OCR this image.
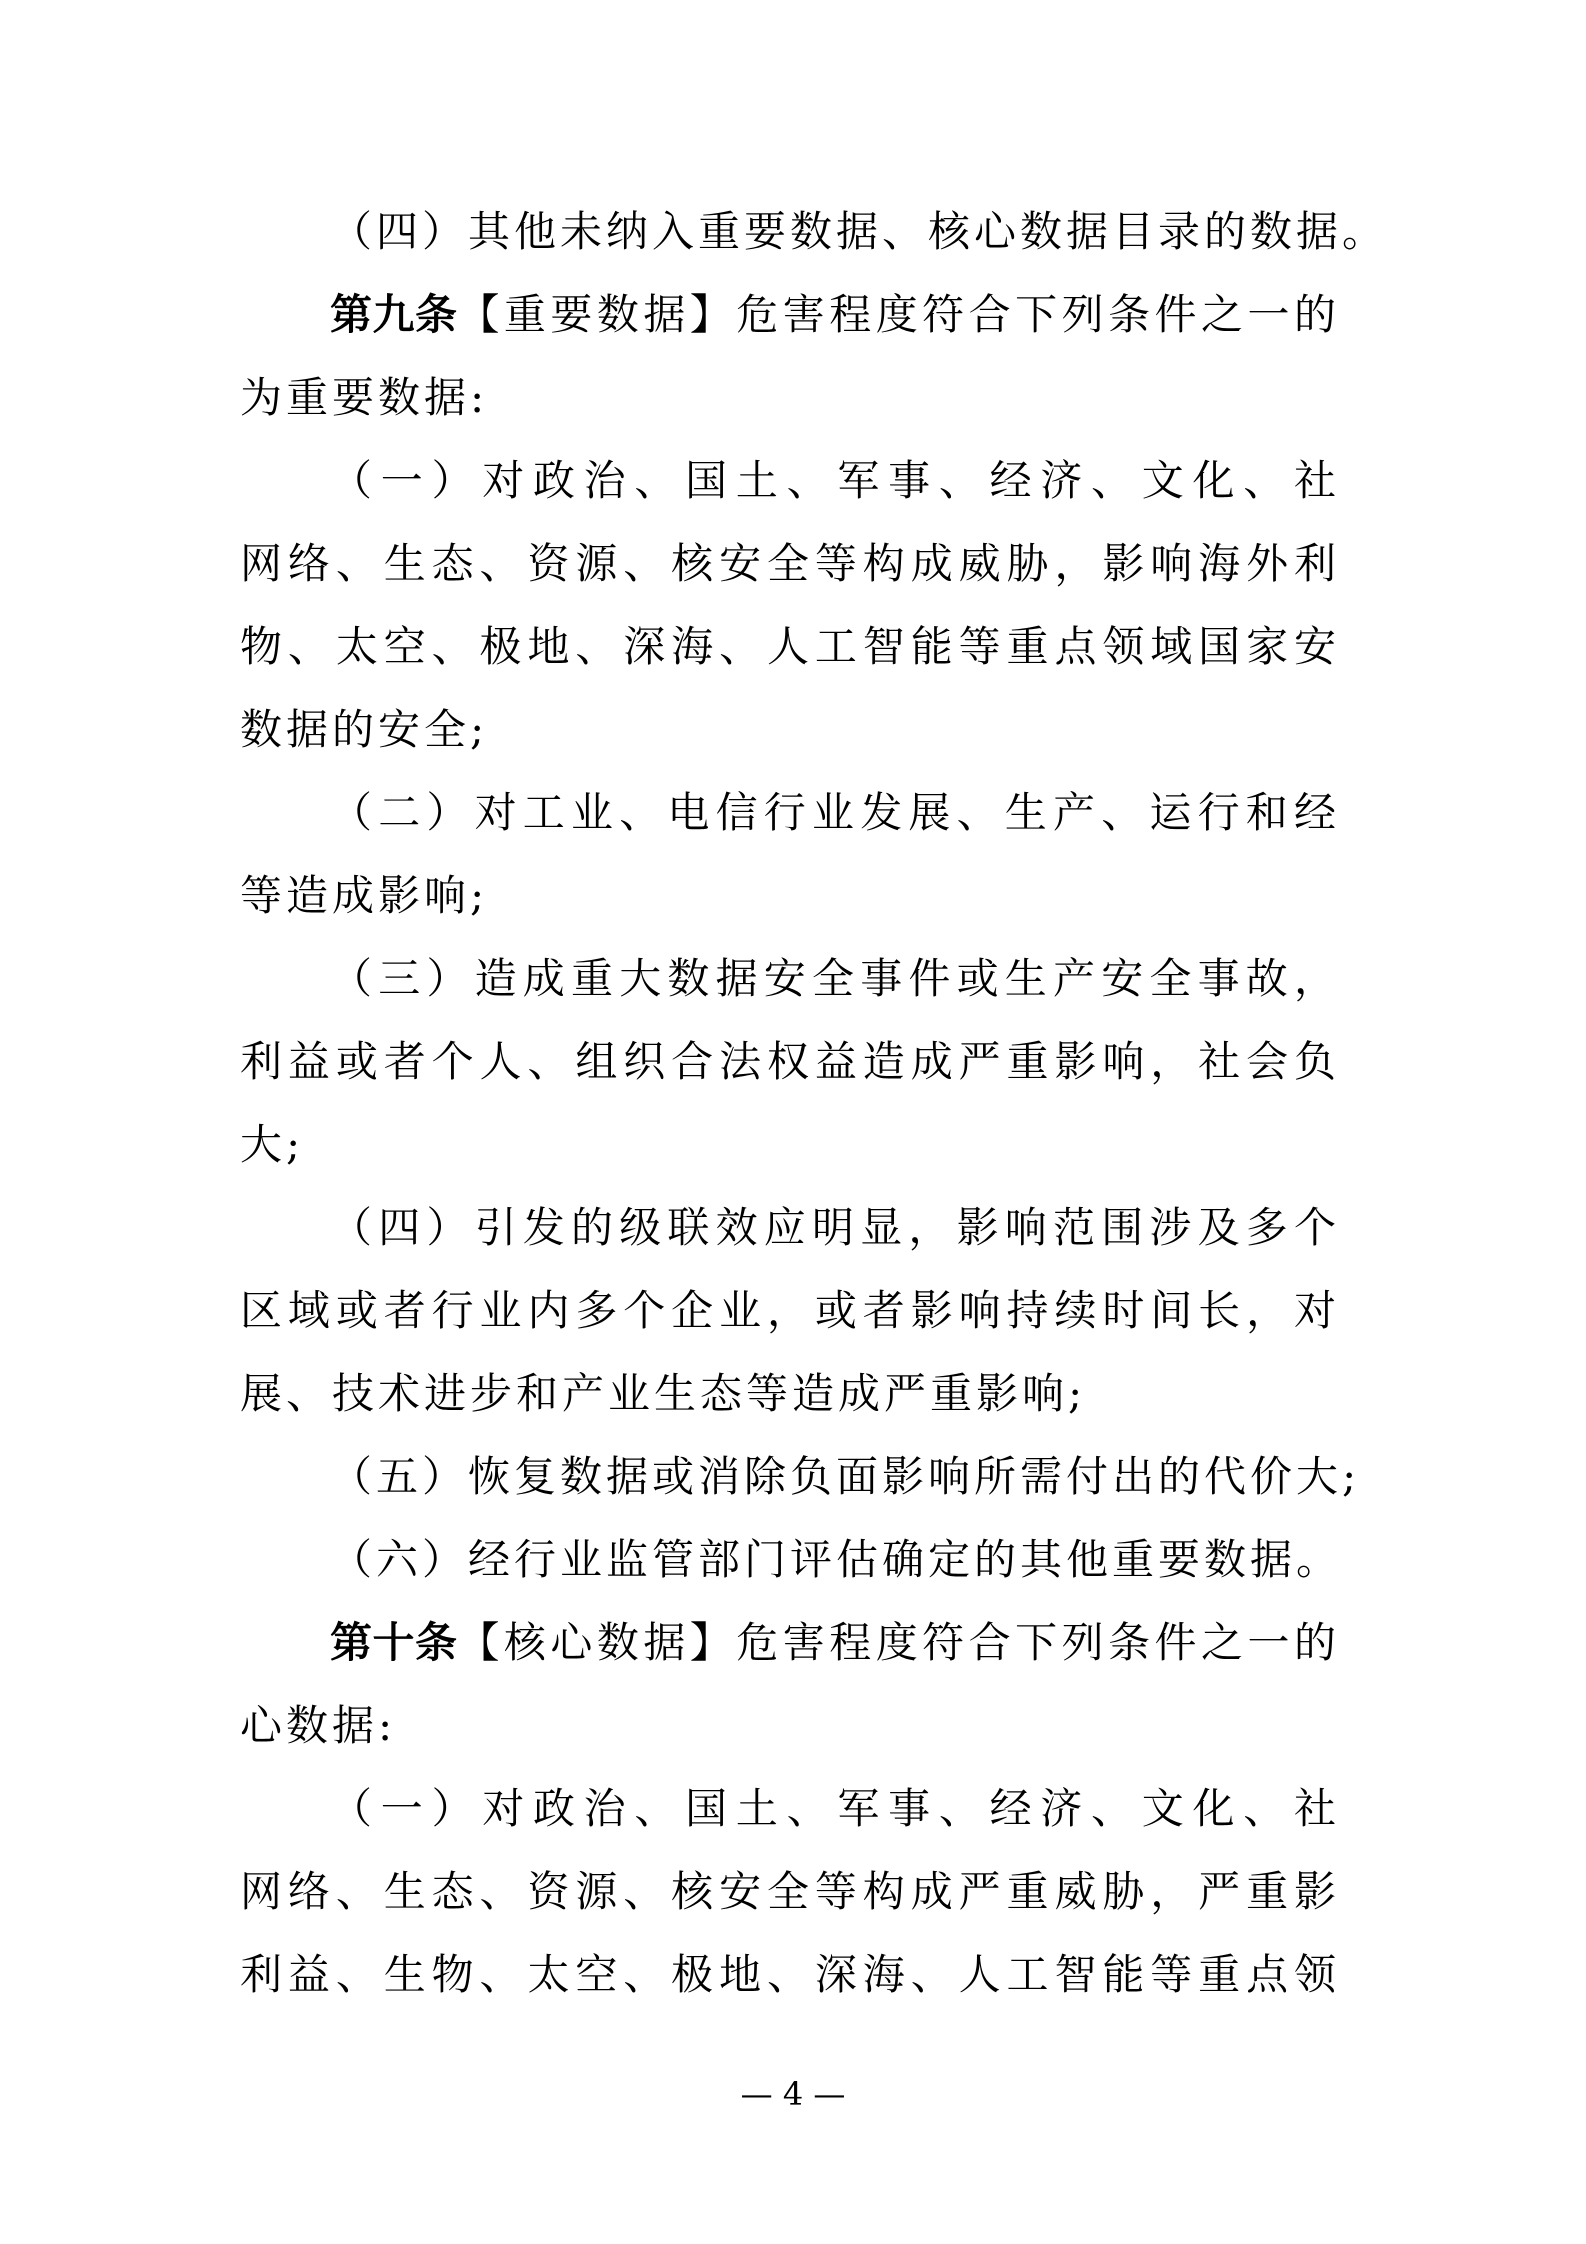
（四）其他未纳入重要数据、核心数据目录的数据。
第九条【重要数据】危害程度符合下列条件之一的
为重要数据:
（一）对政治、国土、军事、经济、文化、社
网络、生态、资源、核安全等构成威胁，影响海外利
物、太空、极地、深海、人工智能等重点领域国家安
数据的安全;
（二）对工业、电信行业发展、生产、运行和经
等造成影响;
（三）造成重大数据安全事件或生产安全事故，
利益或者个人、组织合法权益造成严重影响，社会负
大;
（四）引发的级联效应明显，影响范围涉及多个
区域或者行业内多个企业，或者影响持续时间长，对
展、技术进步和产业生态等造成严重影响;
（五）恢复数据或消除负面影响所需付出的代价大;
（六）经行业监管部门评估确定的其他重要数据。
第十条【核心数据】危害程度符合下列条件之一的
心数据:
（一）对政治、国土、军事、经济、文化、社
网络、生态、资源、核安全等构成严重威胁，严重影
利益、生物、太空、极地、深海、人工智能等重点领
— 4 —
